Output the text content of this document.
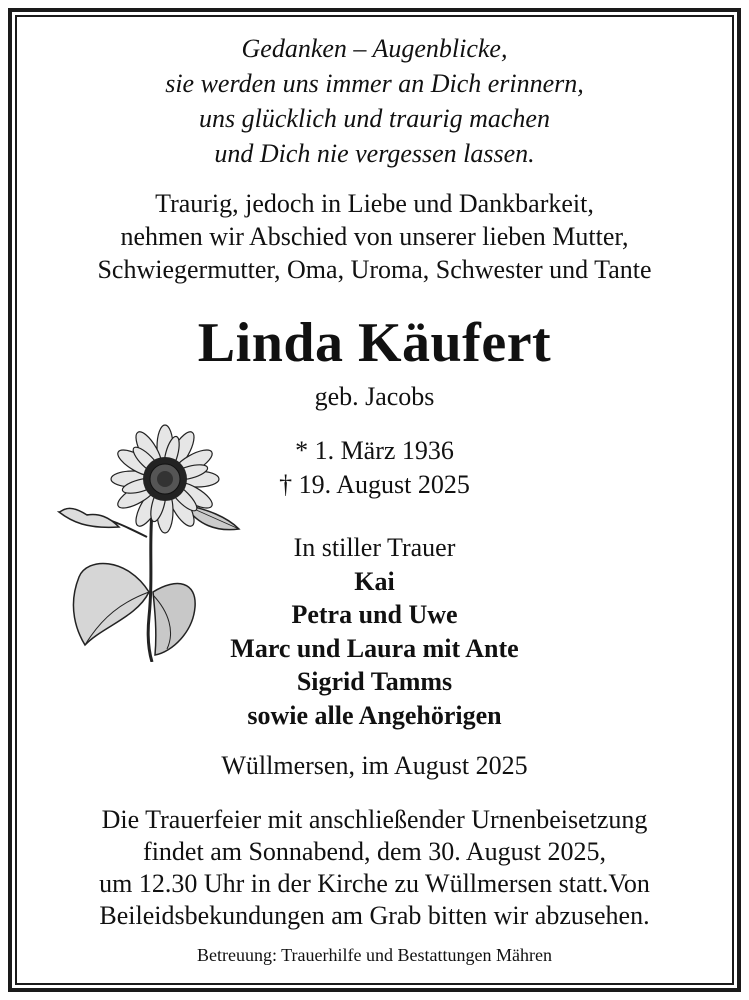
Gedanken – Augenblicke,
sie werden uns immer an Dich erinnern,
uns glücklich und traurig machen
und Dich nie vergessen lassen.
Traurig, jedoch in Liebe und Dankbarkeit,
nehmen wir Abschied von unserer lieben Mutter,
Schwiegermutter, Oma, Uroma, Schwester und Tante
Linda Käufert
geb. Jacobs
* 1. März 1936
† 19. August 2025
In stiller Trauer
Kai
Petra und Uwe
Marc und Laura mit Ante
Sigrid Tamms
sowie alle Angehörigen
Wüllmersen, im August 2025
Die Trauerfeier mit anschließender Urnenbeisetzung
findet am Sonnabend, dem 30. August 2025,
um 12.30 Uhr in der Kirche zu Wüllmersen statt.Von
Beileidsbekundungen am Grab bitten wir abzusehen.
Betreuung: Trauerhilfe und Bestattungen Mähren
